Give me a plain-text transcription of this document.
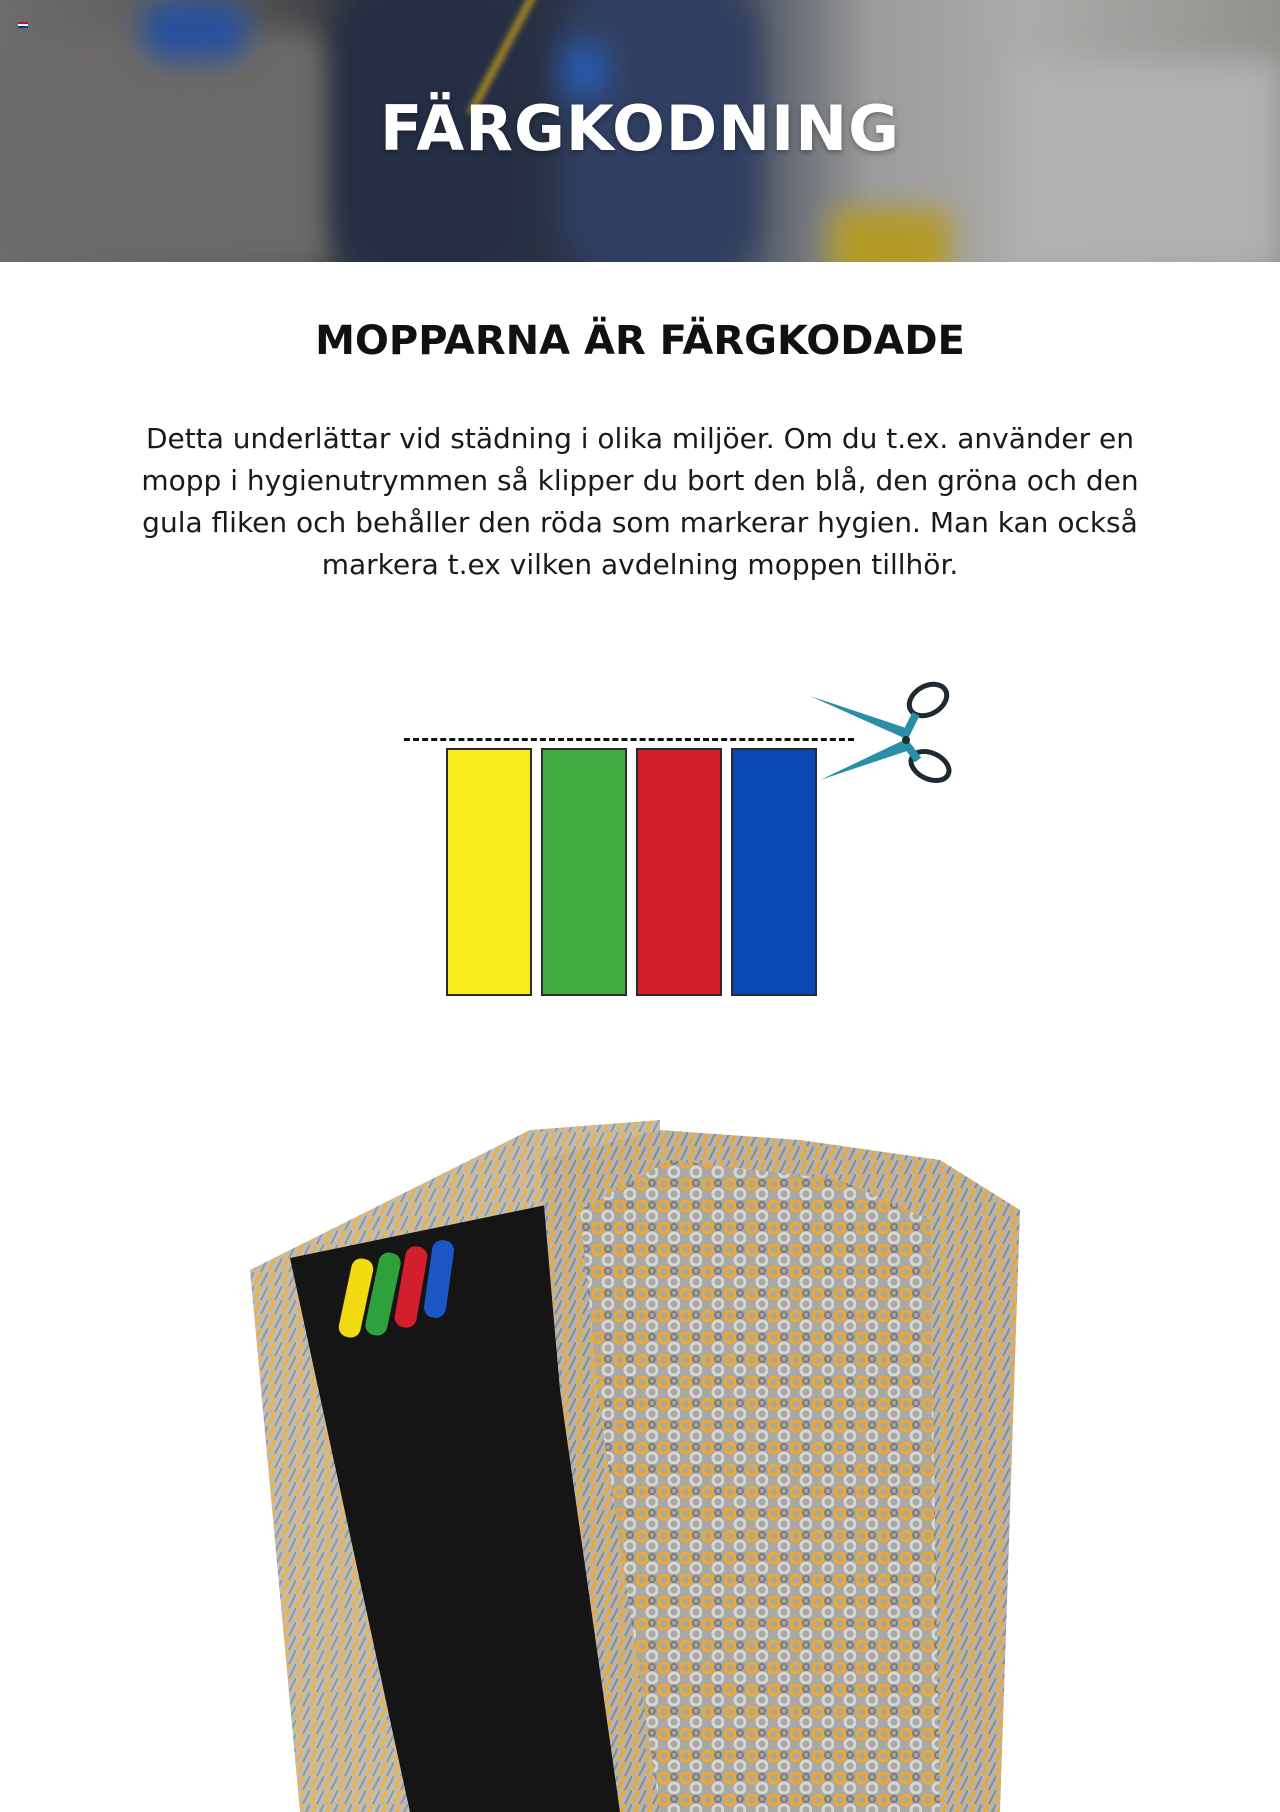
FÄRGKODNING
MOPPARNA ÄR FÄRGKODADE

Detta underlättar vid städning i olika miljöer. Om du t.ex. använder en mopp i hygienutrymmen så klipper du bort den blå, den gröna och den gula fliken och behåller den röda som markerar hygien. Man kan också markera t.ex vilken avdelning moppen tillhör.
